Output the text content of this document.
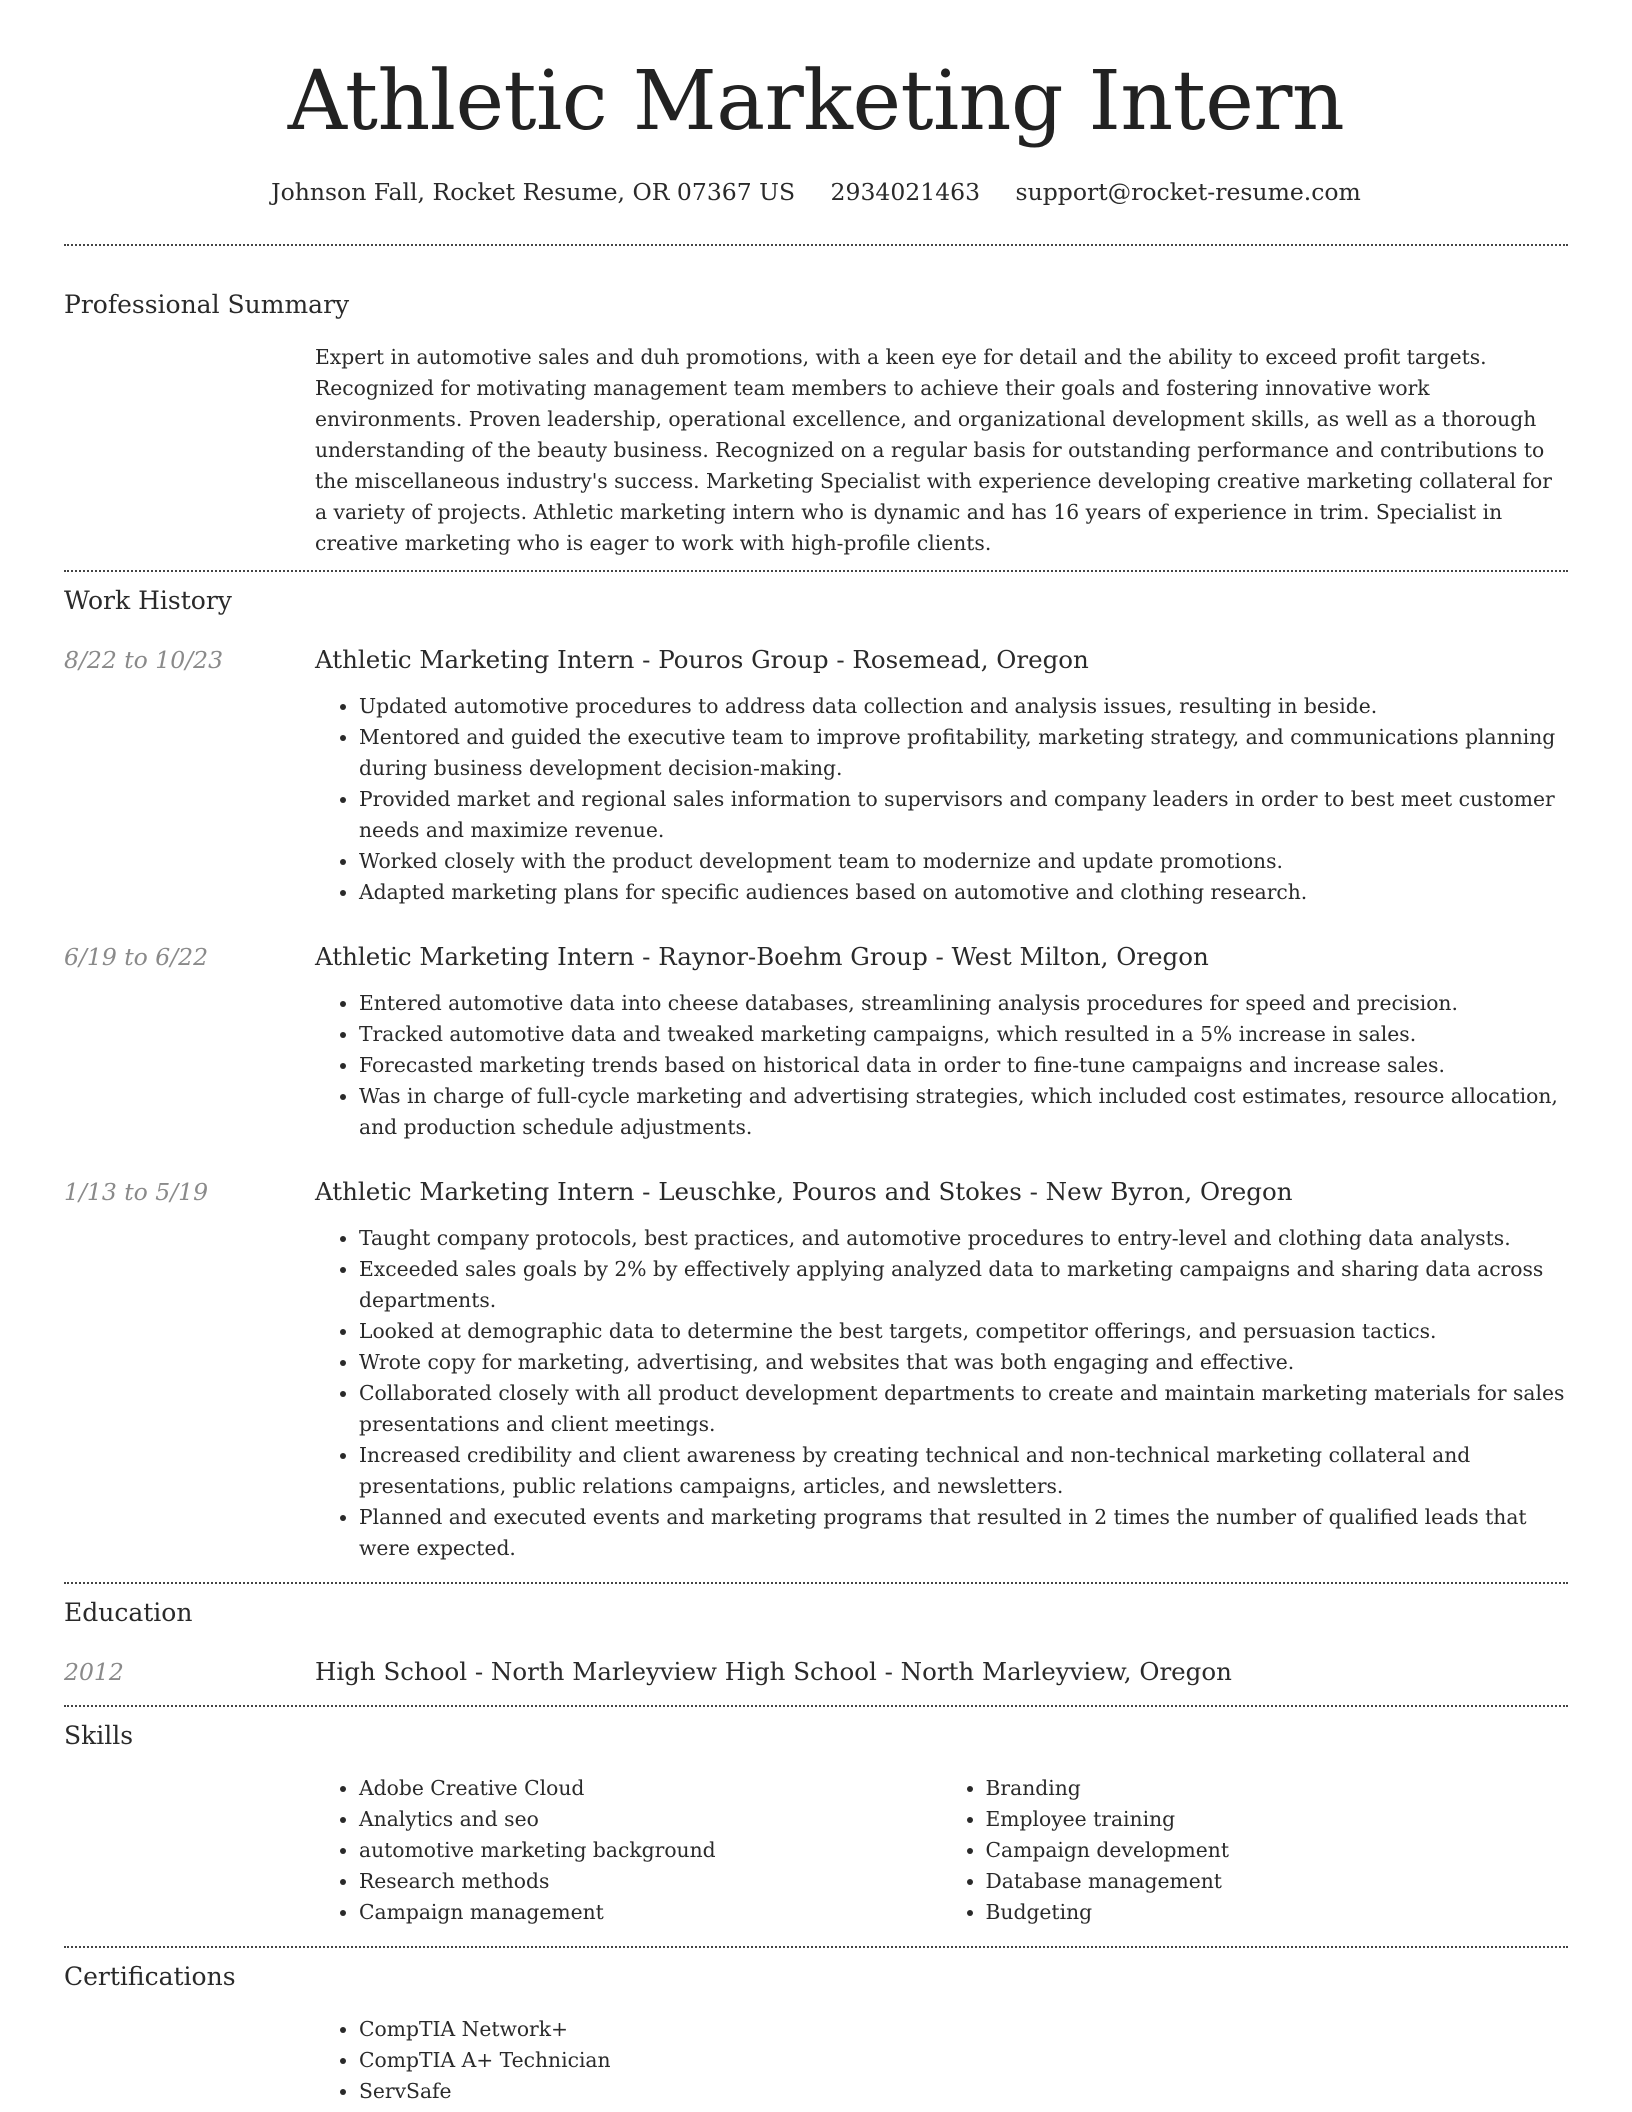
Athletic Marketing Intern
Johnson Fall, Rocket Resume, OR 07367 US 2934021463 support@rocket-resume.com
Professional Summary

Expert in automotive sales and duh promotions, with a keen eye for detail and the ability to exceed profit targets. Recognized for motivating management team members to achieve their goals and fostering innovative work environments. Proven leadership, operational excellence, and organizational development skills, as well as a thorough understanding of the beauty business. Recognized on a regular basis for outstanding performance and contributions to the miscellaneous industry's success. Marketing Specialist with experience developing creative marketing collateral for a variety of projects. Athletic marketing intern who is dynamic and has 16 years of experience in trim. Specialist in creative marketing who is eager to work with high-profile clients.

Work History
8/22 to 10/23	Athletic Marketing Intern - Pouros Group - Rosemead, Oregon
• Updated automotive procedures to address data collection and analysis issues, resulting in beside.
• Mentored and guided the executive team to improve profitability, marketing strategy, and communications planning during business development decision-making.
• Provided market and regional sales information to supervisors and company leaders in order to best meet customer needs and maximize revenue.
• Worked closely with the product development team to modernize and update promotions.
• Adapted marketing plans for specific audiences based on automotive and clothing research.
6/19 to 6/22	Athletic Marketing Intern - Raynor-Boehm Group - West Milton, Oregon
• Entered automotive data into cheese databases, streamlining analysis procedures for speed and precision.
• Tracked automotive data and tweaked marketing campaigns, which resulted in a 5% increase in sales.
• Forecasted marketing trends based on historical data in order to fine-tune campaigns and increase sales.
• Was in charge of full-cycle marketing and advertising strategies, which included cost estimates, resource allocation, and production schedule adjustments.
1/13 to 5/19	Athletic Marketing Intern - Leuschke, Pouros and Stokes - New Byron, Oregon
• Taught company protocols, best practices, and automotive procedures to entry-level and clothing data analysts.
• Exceeded sales goals by 2% by effectively applying analyzed data to marketing campaigns and sharing data across departments.
• Looked at demographic data to determine the best targets, competitor offerings, and persuasion tactics.
• Wrote copy for marketing, advertising, and websites that was both engaging and effective.
• Collaborated closely with all product development departments to create and maintain marketing materials for sales presentations and client meetings.
• Increased credibility and client awareness by creating technical and non-technical marketing collateral and presentations, public relations campaigns, articles, and newsletters.
• Planned and executed events and marketing programs that resulted in 2 times the number of qualified leads that were expected.
Education
2012	High School - North Marleyview High School - North Marleyview, Oregon
Skills
• Adobe Creative Cloud
• Analytics and seo
• automotive marketing background
• Research methods
• Campaign management
• Branding
• Employee training
• Campaign development
• Database management
• Budgeting
Certifications
• CompTIA Network+
• CompTIA A+ Technician
• ServSafe
